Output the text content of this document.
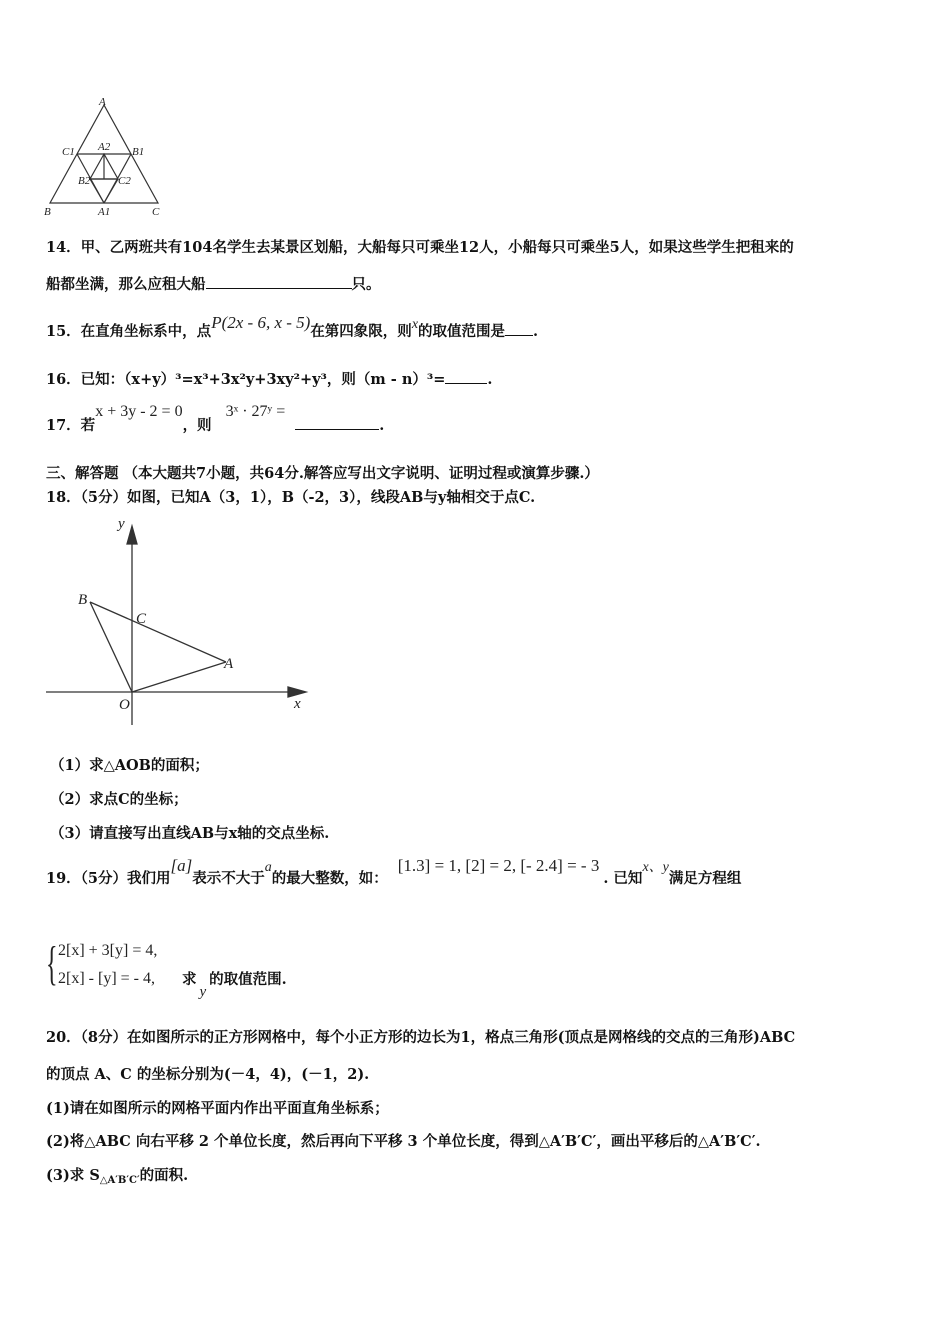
A
C1 A2 B1
B2	C2
B	A1	C
14．甲、乙两班共有104名学生去某景区划船，大船每只可乘坐12人，小船每只可乘坐5人，如果这些学生把租来的
船都坐满，那么应租大船	只。
15．在直角坐标系中，点P(2x - 6, x - 5)在第四象限，则x的取值范围是 .
16．已知：（x+y）³=x³+3x²y+3xy²+y³，则（m - n）³=	.
17．若x + 3y - 2 = 0，则3ˣ · 27ʸ =.
三、解答题 （本大题共7小题，共64分.解答应写出文字说明、证明过程或演算步骤.）
18．（5分）如图，已知A（3，1），B（-2，3），线段AB与y轴相交于点C.
y
x
B
C
A
O
（1）求△AOB的面积；
（2）求点C的坐标；
（3）请直接写出直线AB与x轴的交点坐标.
19．（5分）我们用[a]表示不大于a的最大整数，如：[1.3] = 1, [2] = 2, [- 2.4] = - 3. 已知x、y满足方程组
{ 2[x] + 3[y] = 4,
2[x] - [y] = - 4, 求y的取值范围.
20．（8分）在如图所示的正方形网格中，每个小正方形的边长为1，格点三角形(顶点是网格线的交点的三角形)ABC
的顶点 A、C 的坐标分别为(－4，4)，(－1，2).
(1)请在如图所示的网格平面内作出平面直角坐标系；
(2)将△ABC 向右平移 2 个单位长度，然后再向下平移 3 个单位长度，得到△A′B′C′，画出平移后的△A′B′C′.
(3)求 $S_{\triangle A'B'C'}$的面积.
